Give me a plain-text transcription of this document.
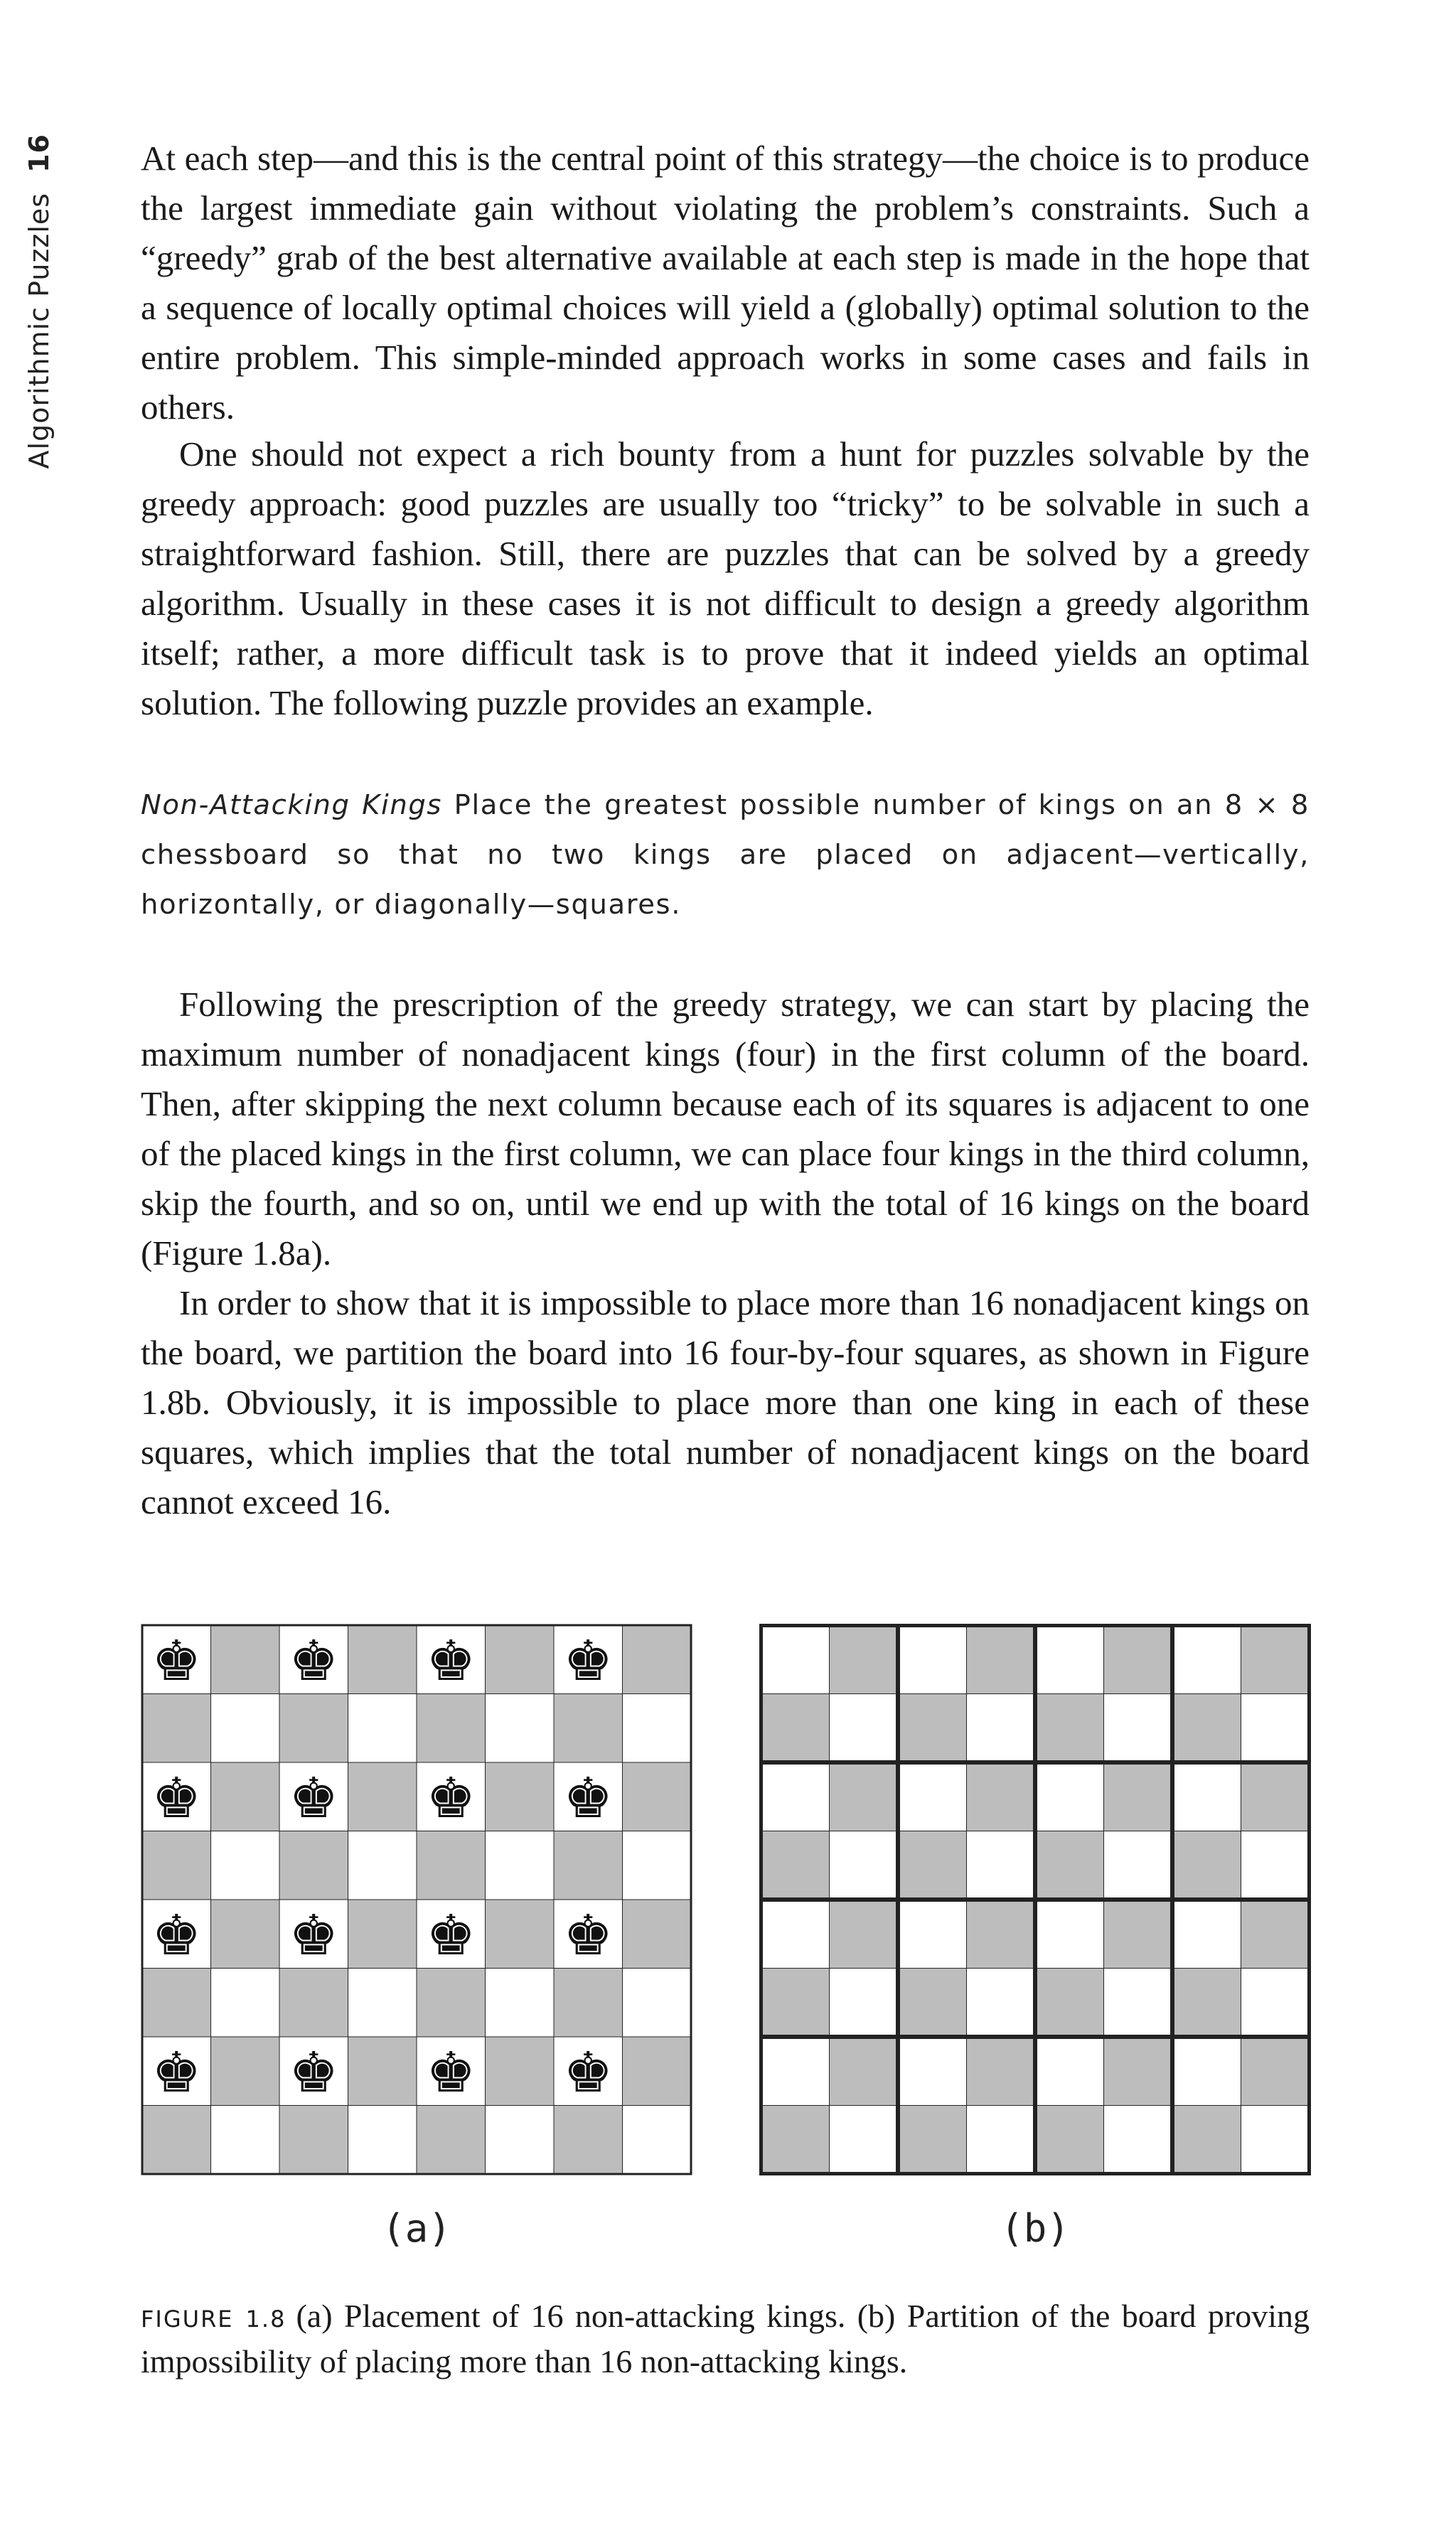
Algorithmic Puzzles
16 At each step—and this is the central point of this strategy—the choice is to produce the largest immediate gain without violating the problem’s constraints. Such a “greedy” grab of the best alternative available at each step is made in the hope that a sequence of locally optimal choices will yield a (globally) optimal solution to the entire problem. This simple-minded approach works in some cases and fails in others.

One should not expect a rich bounty from a hunt for puzzles solvable by the greedy approach: good puzzles are usually too “tricky” to be solvable in such a straightforward fashion. Still, there are puzzles that can be solved by a greedy algorithm. Usually in these cases it is not difficult to design a greedy algorithm itself; rather, a more difficult task is to prove that it indeed yields an optimal solution. The following puzzle provides an example.

Non-Attacking Kings Place the greatest possible number of kings on an 8 × 8 chessboard so that no two kings are placed on adjacent—vertically, horizontally, or diagonally—squares.

Following the prescription of the greedy strategy, we can start by placing the maximum number of nonadjacent kings (four) in the first column of the board. Then, after skipping the next column because each of its squares is adjacent to one of the placed kings in the first column, we can place four kings in the third column, skip the fourth, and so on, until we end up with the total of 16 kings on the board (Figure 1.8a).

In order to show that it is impossible to place more than 16 nonadjacent kings on the board, we partition the board into 16 four-by-four squares, as shown in Figure 1.8b. Obviously, it is impossible to place more than one king in each of these squares, which implies that the total number of nonadjacent kings on the board cannot exceed 16.

♚ ♚ ♚ ♚
♚ ♚ ♚ ♚
♚ ♚ ♚ ♚
♚ ♚ ♚ ♚
(a)	(b)

FIGURE 1.8 (a) Placement of 16 non-attacking kings. (b) Partition of the board proving impossibility of placing more than 16 non-attacking kings.
